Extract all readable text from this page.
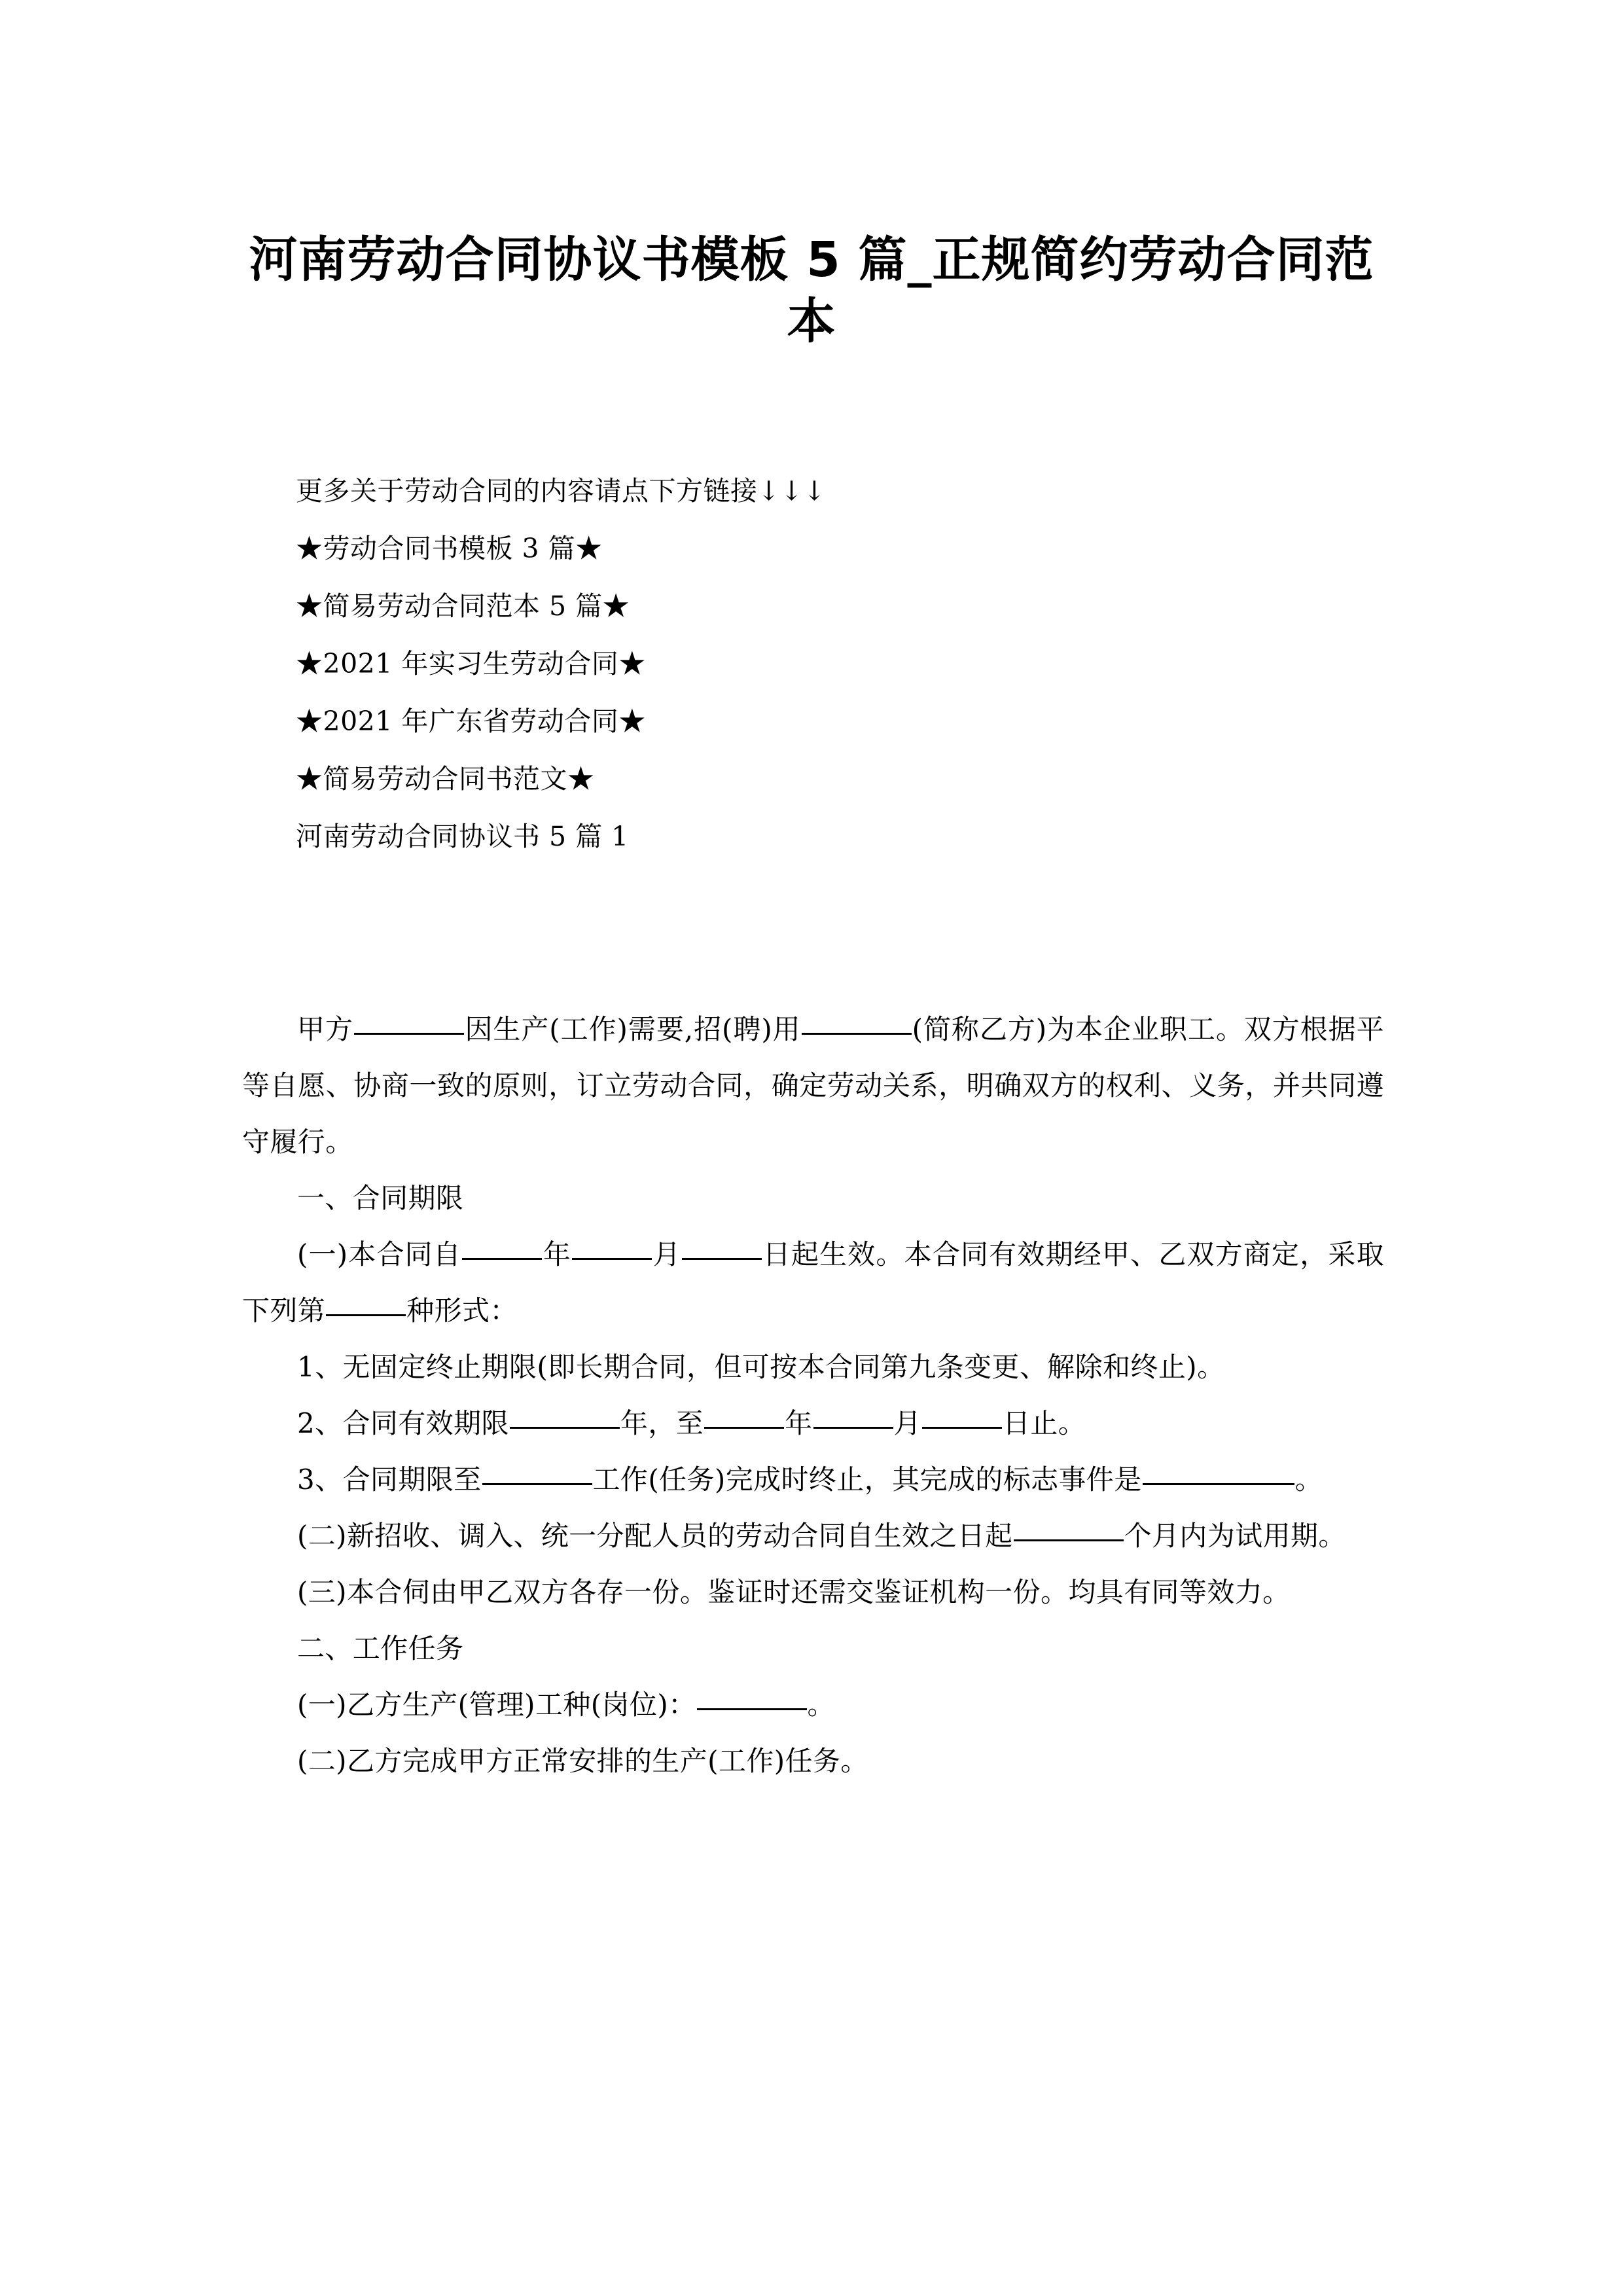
河南劳动合同协议书模板 5 篇_正规简约劳动合同范本

更多关于劳动合同的内容请点下方链接↓↓↓

★劳动合同书模板 3 篇★

★简易劳动合同范本 5 篇★

★2021 年实习生劳动合同★

★2021 年广东省劳动合同★

★简易劳动合同书范文★

河南劳动合同协议书 5 篇 1

甲方	因生产(工作)需要,招(聘)用	(简称乙方)为本企业职工。双方根据平等自愿、协商一致的原则，订立劳动合同，确定劳动关系，明确双方的权利、义务，并共同遵守履行。

一、合同期限

(一)本合同自	年	月	日起生效。本合同有效期经甲、乙双方商定，采取下列第	种形式：

1、无固定终止期限(即长期合同，但可按本合同第九条变更、解除和终止)。

2、合同有效期限	年，至	年	月	日止。

3、合同期限至	工作(任务)完成时终止，其完成的标志事件是	。

(二)新招收、调入、统一分配人员的劳动合同自生效之日起	个月内为试用期。

(三)本合伺由甲乙双方各存一份。鉴证时还需交鉴证机构一份。均具有同等效力。

二、工作任务

(一)乙方生产(管理)工种(岗位)：	。

(二)乙方完成甲方正常安排的生产(工作)任务。
